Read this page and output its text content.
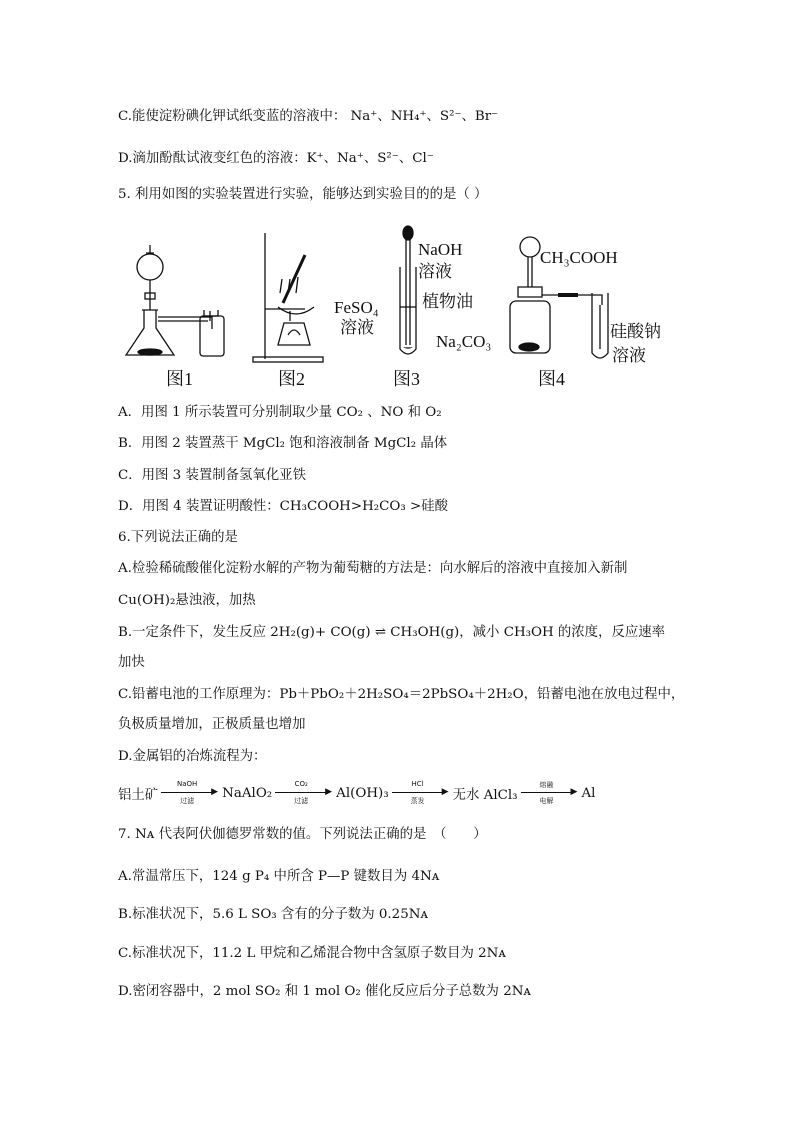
C.能使淀粉碘化钾试纸变蓝的溶液中： Na⁺、NH₄⁺、S²⁻、Br⁻
D.滴加酚酞试液变红色的溶液：K⁺、Na⁺、S²⁻、Cl⁻
5. 利用如图的实验装置进行实验，能够达到实验目的的是（ ）
图1	图2	图3	图4
NaOH
溶液
植物油
FeSO₄
溶液
CH₃COOH
Na₂CO₃
硅酸钠
溶液
A．用图 1 所示装置可分别制取少量 CO₂ 、NO 和 O₂
B．用图 2 装置蒸干 MgCl₂ 饱和溶液制备 MgCl₂ 晶体
C．用图 3 装置制备氢氧化亚铁
D．用图 4 装置证明酸性：CH₃COOH>H₂CO₃ >硅酸
6.下列说法正确的是
A.检验稀硫酸催化淀粉水解的产物为葡萄糖的方法是：向水解后的溶液中直接加入新制
Cu(OH)₂悬浊液，加热
B.一定条件下，发生反应 2H₂(g)+ CO(g) ⇌ CH₃OH(g)，减小 CH₃OH 的浓度，反应速率
加快
C.铅蓄电池的工作原理为：Pb＋PbO₂＋2H₂SO₄＝2PbSO₄＋2H₂O，铅蓄电池在放电过程中，
负极质量增加，正极质量也增加
D.金属铝的冶炼流程为：
铝土矿
NaOH
▶
过滤
NaAlO₂
CO₂
▶
过滤
Al(OH)₃
HCl
▶
蒸发	无水 AlCl₃
熔融
▶
电解
Al
7. Nᴀ 代表阿伏伽德罗常数的值。下列说法正确的是　（　　）
A.常温常压下，124 g P₄ 中所含 P—P 键数目为 4Nᴀ
B.标准状况下，5.6 L SO₃ 含有的分子数为 0.25Nᴀ
C.标准状况下，11.2 L 甲烷和乙烯混合物中含氢原子数目为 2Nᴀ
D.密闭容器中，2 mol SO₂ 和 1 mol O₂ 催化反应后分子总数为 2Nᴀ
